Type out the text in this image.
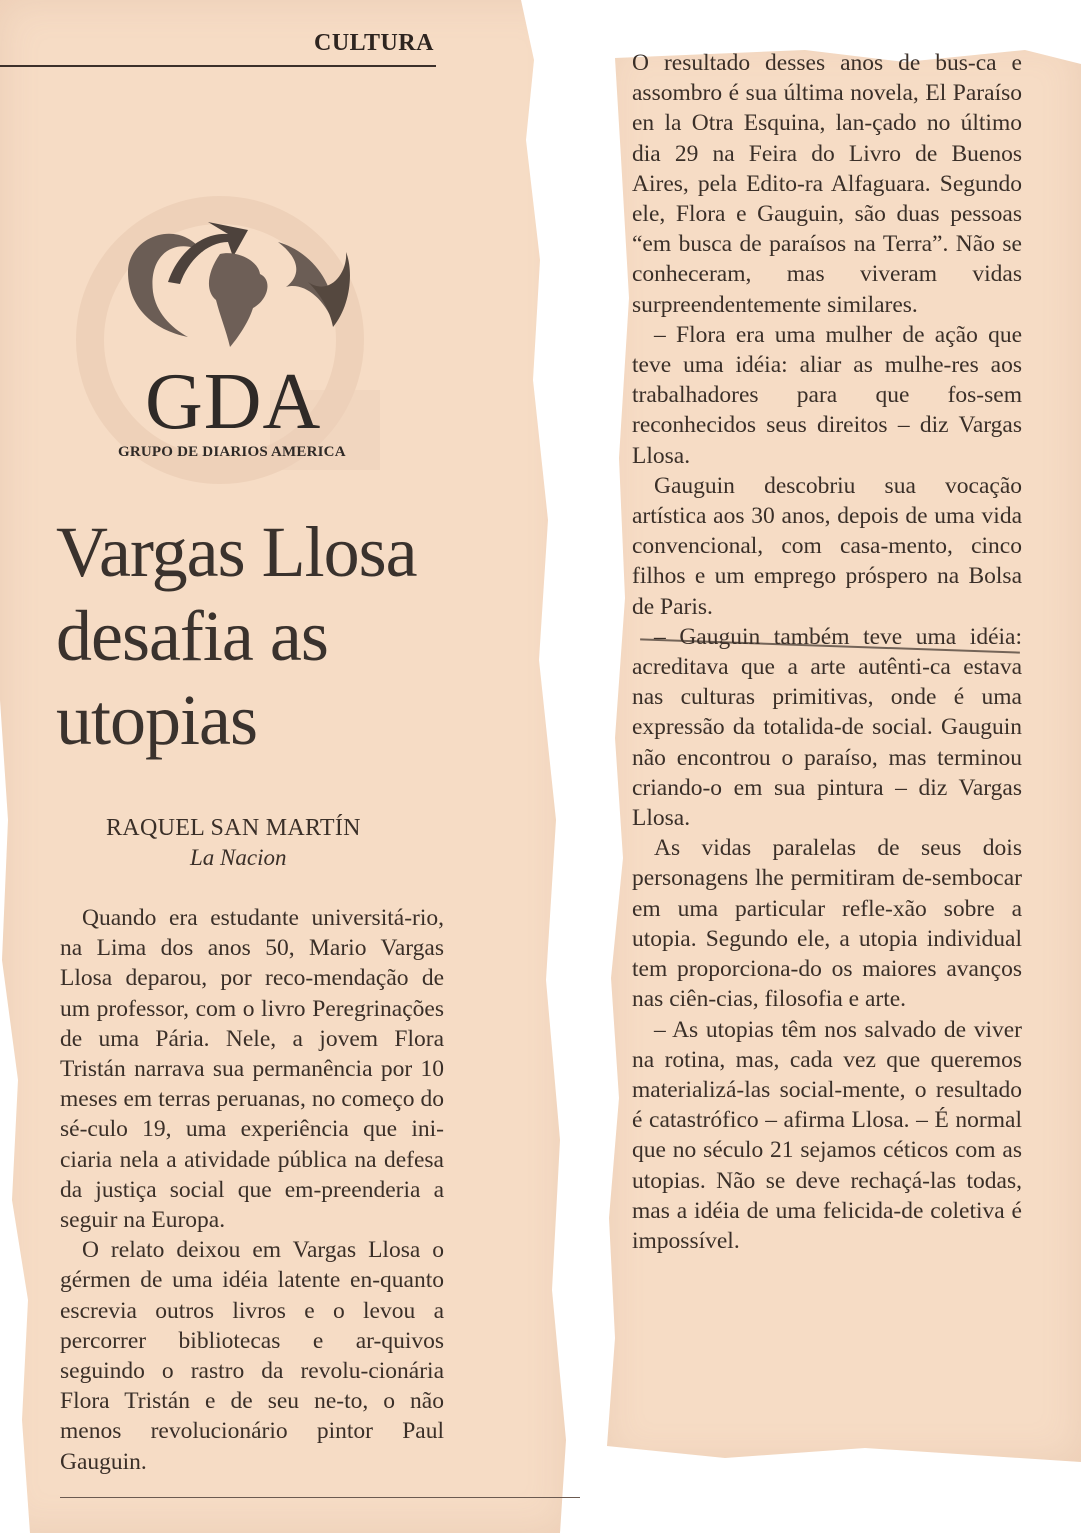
CULTURA
GDA
GRUPO DE DIARIOS AMERICA
Vargas Llosa desafia as utopias
RAQUEL SAN MARTÍN
La Nacion

Quando era estudante universitá-rio, na Lima dos anos 50, Mario Vargas Llosa deparou, por reco-mendação de um professor, com o livro Peregrinações de uma Pária. Nele, a jovem Flora Tristán narrava sua permanência por 10 meses em terras peruanas, no começo do sé-culo 19, uma experiência que ini-ciaria nela a atividade pública na defesa da justiça social que em-preenderia a seguir na Europa.

O relato deixou em Vargas Llosa o gérmen de uma idéia latente en-quanto escrevia outros livros e o levou a percorrer bibliotecas e ar-quivos seguindo o rastro da revolu-cionária Flora Tristán e de seu ne-to, o não menos revolucionário pintor Paul Gauguin.

O resultado desses anos de bus-ca e assombro é sua última novela, El Paraíso en la Otra Esquina, lan-çado no último dia 29 na Feira do Livro de Buenos Aires, pela Edito-ra Alfaguara. Segundo ele, Flora e Gauguin, são duas pessoas “em busca de paraísos na Terra”. Não se conheceram, mas viveram vidas surpreendentemente similares.

– Flora era uma mulher de ação que teve uma idéia: aliar as mulhe-res aos trabalhadores para que fos-sem reconhecidos seus direitos – diz Vargas Llosa.

Gauguin descobriu sua vocação artística aos 30 anos, depois de uma vida convencional, com casa-mento, cinco filhos e um emprego próspero na Bolsa de Paris.

– Gauguin também teve uma idéia: acreditava que a arte autênti-ca estava nas culturas primitivas, onde é uma expressão da totalida-de social. Gauguin não encontrou o paraíso, mas terminou criando-o em sua pintura – diz Vargas Llosa.

As vidas paralelas de seus dois personagens lhe permitiram de-sembocar em uma particular refle-xão sobre a utopia. Segundo ele, a utopia individual tem proporciona-do os maiores avanços nas ciên-cias, filosofia e arte.

– As utopias têm nos salvado de viver na rotina, mas, cada vez que queremos materializá-las social-mente, o resultado é catastrófico – afirma Llosa. – É normal que no século 21 sejamos céticos com as utopias. Não se deve rechaçá-las todas, mas a idéia de uma felicida-de coletiva é impossível.
